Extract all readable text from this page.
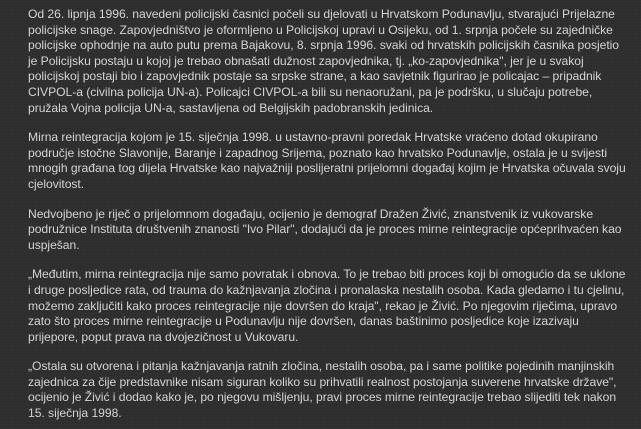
Od 26. lipnja 1996. navedeni policijski časnici počeli su djelovati u Hrvatskom Podunavlju, stvarajući Prijelazne policijske snage. Zapovjedništvo je oformljeno u Policijskoj upravi u Osijeku, od 1. srpnja počele su zajedničke policijske ophodnje na auto putu prema Bajakovu, 8. srpnja 1996. svaki od hrvatskih policijskih časnika posjetio je Policijsku postaju u kojoj je trebao obnašati dužnost zapovjednika, tj. „ko-zapovjednika", jer je u svakoj policijskoj postaji bio i zapovjednik postaje sa srpske strane, a kao savjetnik figurirao je policajac – pripadnik CIVPOL-a (civilna policija UN-a). Policajci CIVPOL-a bili su nenaoružani, pa je podršku, u slučaju potrebe, pružala Vojna policija UN-a, sastavljena od Belgijskih padobranskih jedinica.

Mirna reintegracija kojom je 15. siječnja 1998. u ustavno-pravni poredak Hrvatske vraćeno dotad okupirano područje istočne Slavonije, Baranje i zapadnog Srijema, poznato kao hrvatsko Podunavlje, ostala je u svijesti mnogih građana tog dijela Hrvatske kao najvažniji poslijeratni prijelomni događaj kojim je Hrvatska očuvala svoju cjelovitost.

Nedvojbeno je riječ o prijelomnom događaju, ocijenio je demograf Dražen Živić, znanstvenik iz vukovarske podružnice Instituta društvenih znanosti "Ivo Pilar", dodajući da je proces mirne reintegracije općeprihvaćen kao uspješan.

„Međutim, mirna reintegracija nije samo povratak i obnova. To je trebao biti proces koji bi omogućio da se uklone i druge posljedice rata, od trauma do kažnjavanja zločina i pronalaska nestalih osoba. Kada gledamo i tu cjelinu, možemo zaključiti kako proces reintegracije nije dovršen do kraja", rekao je Živić. Po njegovim riječima, upravo zato što proces mirne reintegracije u Podunavlju nije dovršen, danas baštinimo posljedice koje izazivaju prijepore, poput prava na dvojezičnost u Vukovaru.

„Ostala su otvorena i pitanja kažnjavanja ratnih zločina, nestalih osoba, pa i same politike pojedinih manjinskih zajednica za čije predstavnike nisam siguran koliko su prihvatili realnost postojanja suverene hrvatske države", ocijenio je Živić i dodao kako je, po njegovu mišljenju, pravi proces mirne reintegracije trebao slijediti tek nakon 15. siječnja 1998.
